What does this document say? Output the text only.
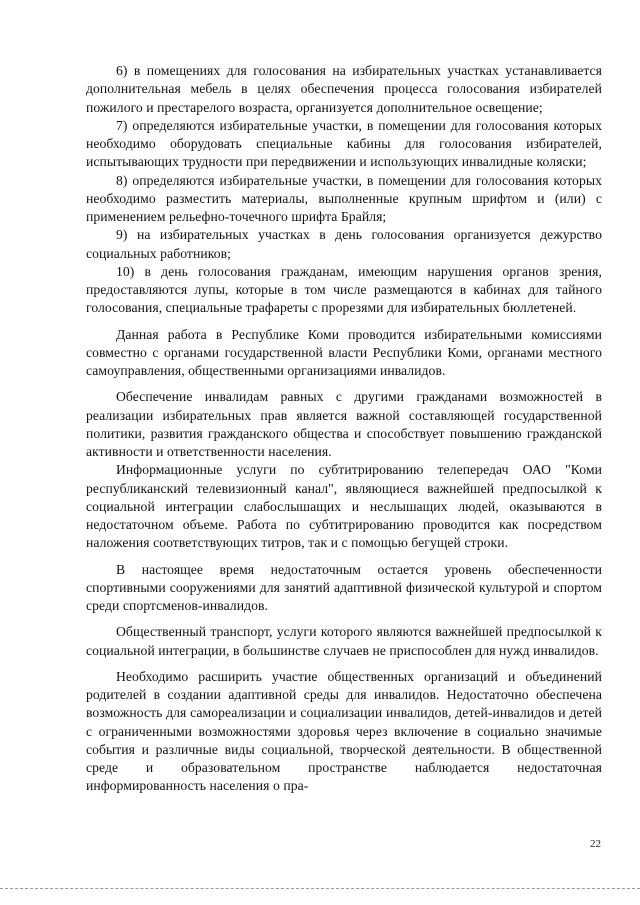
6) в помещениях для голосования на избирательных участках устанавливается дополнительная мебель в целях обеспечения процесса голосования избирателей пожилого и престарелого возраста, организуется дополнительное освещение;

7) определяются избирательные участки, в помещении для голосования которых необходимо оборудовать специальные кабины для голосования избирателей, испытывающих трудности при передвижении и использующих инвалидные коляски;

8) определяются избирательные участки, в помещении для голосования которых необходимо разместить материалы, выполненные крупным шрифтом и (или) с применением рельефно-точечного шрифта Брайля;

9) на избирательных участках в день голосования организуется дежурство социальных работников;

10) в день голосования гражданам, имеющим нарушения органов зрения, предоставляются лупы, которые в том числе размещаются в кабинах для тайного голосования, специальные трафареты с прорезями для избирательных бюллетеней.

Данная работа в Республике Коми проводится избирательными комиссиями совместно с органами государственной власти Республики Коми, органами местного самоуправления, общественными организациями инвалидов.

Обеспечение инвалидам равных с другими гражданами возможностей в реализации избирательных прав является важной составляющей государственной политики, развития гражданского общества и способствует повышению гражданской активности и ответственности населения.

Информационные услуги по субтитрированию телепередач ОАО "Коми республиканский телевизионный канал", являющиеся важнейшей предпосылкой к социальной интеграции слабослышащих и неслышащих людей, оказываются в недостаточном объеме. Работа по субтитрированию проводится как посредством наложения соответствующих титров, так и с помощью бегущей строки.

В настоящее время недостаточным остается уровень обеспеченности спортивными сооружениями для занятий адаптивной физической культурой и спортом среди спортсменов-инвалидов.

Общественный транспорт, услуги которого являются важнейшей предпосылкой к социальной интеграции, в большинстве случаев не приспособлен для нужд инвалидов.

Необходимо расширить участие общественных организаций и объединений родителей в создании адаптивной среды для инвалидов. Недостаточно обеспечена возможность для самореализации и социализации инвалидов, детей-инвалидов и детей с ограниченными возможностями здоровья через включение в социально значимые события и различные виды социальной, творческой деятельности. В общественной среде и образовательном пространстве наблюдается недостаточная информированность населения о пра-

22
